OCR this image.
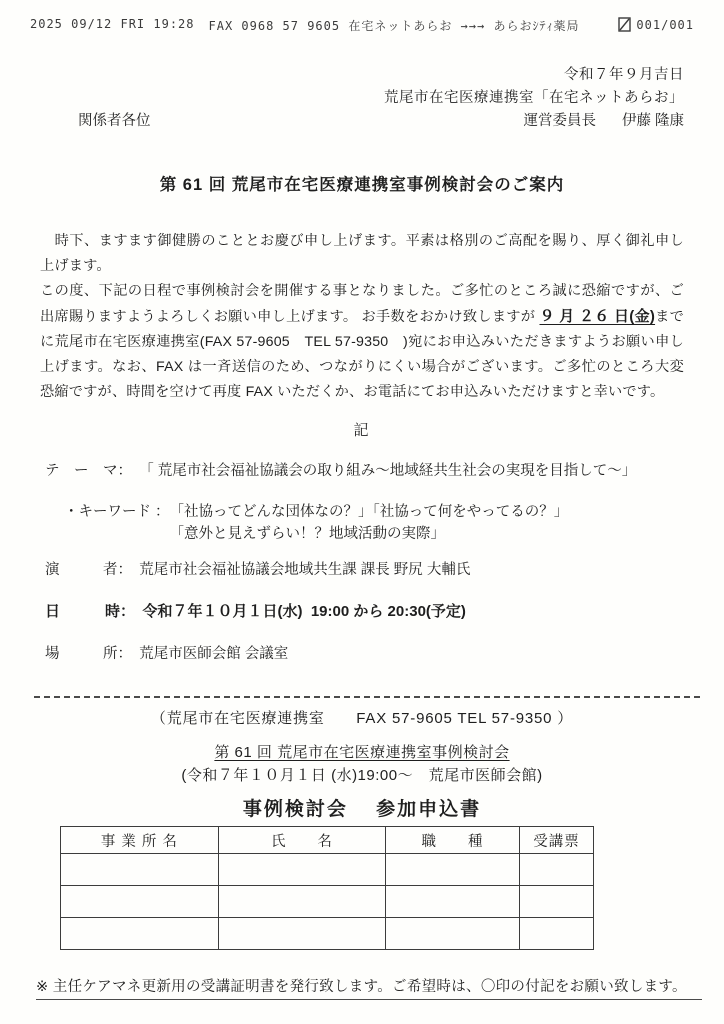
2025 09/12 FRI 19:28 FAX 0968 57 9605 在宅ネットあらお →→→ あらおｼﾃｨ薬局	001/001
令和７年９月吉日
荒尾市在宅医療連携室「在宅ネットあらお」
関係者各位	運営委員長 伊藤 隆康
第 61 回 荒尾市在宅医療連携室事例検討会のご案内
　時下、ますます御健勝のこととお慶び申し上げます。平素は格別のご高配を賜り、厚く御礼申し上げます。
この度、下記の日程で事例検討会を開催する事となりました。ご多忙のところ誠に恐縮ですが、ご出席賜りますようよろしくお願い申し上げます。 お手数をおかけ致しますが ９ 月 ２６ 日(金)までに荒尾市在宅医療連携室(FAX 57-9605　TEL 57-9350　)宛にお申込みいただきますようお願い申し上げます。なお、FAX は一斉送信のため、つながりにくい場合がございます。ご多忙のところ大変恐縮ですが、時間を空けて再度 FAX いただくか、お電話にてお申込みいただけますと幸いです。
記
テ　ー　マ：　 「 荒尾市社会福祉協議会の取り組み～地域経共生社会の実現を目指して～」
・キーワード ： 「社協ってどんな団体なの？」「社協って何をやってるの？」
「意外と見えずらい！？地域活動の実際」
演　　　者：　 荒尾市社会福祉協議会地域共生課 課長 野尻 大輔氏
日　　　時：　 令和７年１０月１日(水)  19:00 から 20:30(予定)
場　　　所：　 荒尾市医師会館 会議室
（荒尾市在宅医療連携室　　FAX 57-9605 TEL 57-9350 ）
第 61 回 荒尾市在宅医療連携室事例検討会
(令和７年１０月１日 (水)19:00～　荒尾市医師会館)
事例検討会　 参加申込書
事 業 所 名	氏　　名	職　　種	受講票

※ 主任ケアマネ更新用の受講証明書を発行致します。ご希望時は、〇印の付記をお願い致します。
